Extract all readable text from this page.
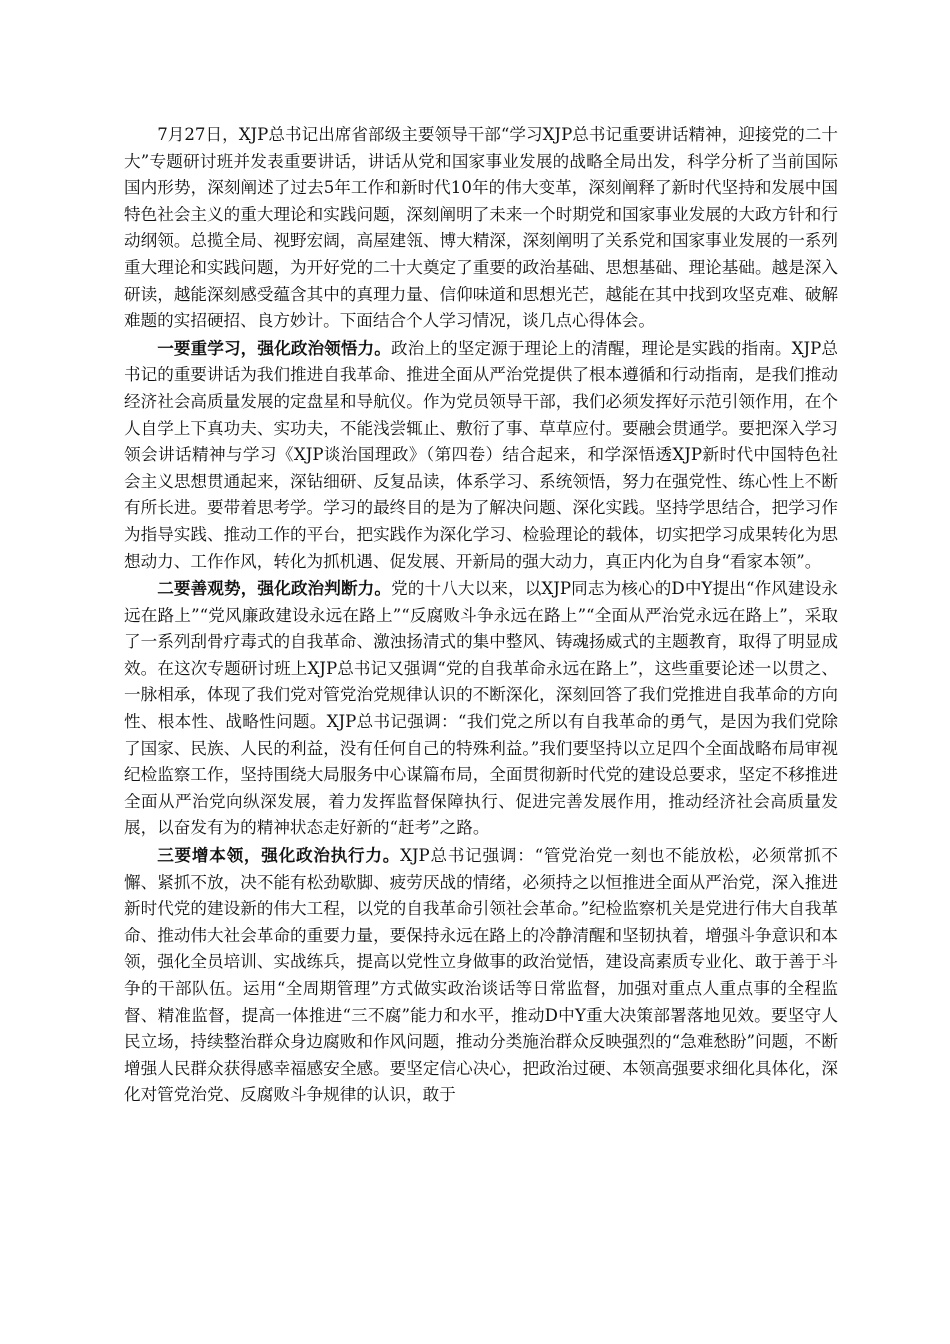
7月27日，XJP总书记出席省部级主要领导干部“学习XJP总书记重要讲话精神，迎接党的二十大”专题研讨班并发表重要讲话，讲话从党和国家事业发展的战略全局出发，科学分析了当前国际国内形势，深刻阐述了过去5年工作和新时代10年的伟大变革，深刻阐释了新时代坚持和发展中国特色社会主义的重大理论和实践问题，深刻阐明了未来一个时期党和国家事业发展的大政方针和行动纲领。总揽全局、视野宏阔，高屋建瓴、博大精深，深刻阐明了关系党和国家事业发展的一系列重大理论和实践问题，为开好党的二十大奠定了重要的政治基础、思想基础、理论基础。越是深入研读，越能深刻感受蕴含其中的真理力量、信仰味道和思想光芒，越能在其中找到攻坚克难、破解难题的实招硬招、良方妙计。下面结合个人学习情况，谈几点心得体会。

一要重学习，强化政治领悟力。政治上的坚定源于理论上的清醒，理论是实践的指南。XJP总书记的重要讲话为我们推进自我革命、推进全面从严治党提供了根本遵循和行动指南，是我们推动经济社会高质量发展的定盘星和导航仪。作为党员领导干部，我们必须发挥好示范引领作用，在个人自学上下真功夫、实功夫，不能浅尝辄止、敷衍了事、草草应付。要融会贯通学。要把深入学习领会讲话精神与学习《XJP谈治国理政》（第四卷）结合起来，和学深悟透XJP新时代中国特色社会主义思想贯通起来，深钻细研、反复品读，体系学习、系统领悟，努力在强党性、练心性上不断有所长进。要带着思考学。学习的最终目的是为了解决问题、深化实践。坚持学思结合，把学习作为指导实践、推动工作的平台，把实践作为深化学习、检验理论的载体，切实把学习成果转化为思想动力、工作作风，转化为抓机遇、促发展、开新局的强大动力，真正内化为自身“看家本领”。

二要善观势，强化政治判断力。党的十八大以来，以XJP同志为核心的D中Y提出“作风建设永远在路上”“党风廉政建设永远在路上”“反腐败斗争永远在路上”“全面从严治党永远在路上”，采取了一系列刮骨疗毒式的自我革命、激浊扬清式的集中整风、铸魂扬威式的主题教育，取得了明显成效。在这次专题研讨班上XJP总书记又强调“党的自我革命永远在路上”，这些重要论述一以贯之、一脉相承，体现了我们党对管党治党规律认识的不断深化，深刻回答了我们党推进自我革命的方向性、根本性、战略性问题。XJP总书记强调：“我们党之所以有自我革命的勇气，是因为我们党除了国家、民族、人民的利益，没有任何自己的特殊利益。”我们要坚持以立足四个全面战略布局审视纪检监察工作，坚持围绕大局服务中心谋篇布局，全面贯彻新时代党的建设总要求，坚定不移推进全面从严治党向纵深发展，着力发挥监督保障执行、促进完善发展作用，推动经济社会高质量发展，以奋发有为的精神状态走好新的“赶考”之路。

三要增本领，强化政治执行力。XJP总书记强调：“管党治党一刻也不能放松，必须常抓不懈、紧抓不放，决不能有松劲歇脚、疲劳厌战的情绪，必须持之以恒推进全面从严治党，深入推进新时代党的建设新的伟大工程，以党的自我革命引领社会革命。”纪检监察机关是党进行伟大自我革命、推动伟大社会革命的重要力量，要保持永远在路上的冷静清醒和坚韧执着，增强斗争意识和本领，强化全员培训、实战练兵，提高以党性立身做事的政治觉悟，建设高素质专业化、敢于善于斗争的干部队伍。运用“全周期管理”方式做实政治谈话等日常监督，加强对重点人重点事的全程监督、精准监督，提高一体推进“三不腐”能力和水平，推动D中Y重大决策部署落地见效。要坚守人民立场，持续整治群众身边腐败和作风问题，推动分类施治群众反映强烈的“急难愁盼”问题，不断增强人民群众获得感幸福感安全感。要坚定信心决心，把政治过硬、本领高强要求细化具体化，深化对管党治党、反腐败斗争规律的认识，敢于
